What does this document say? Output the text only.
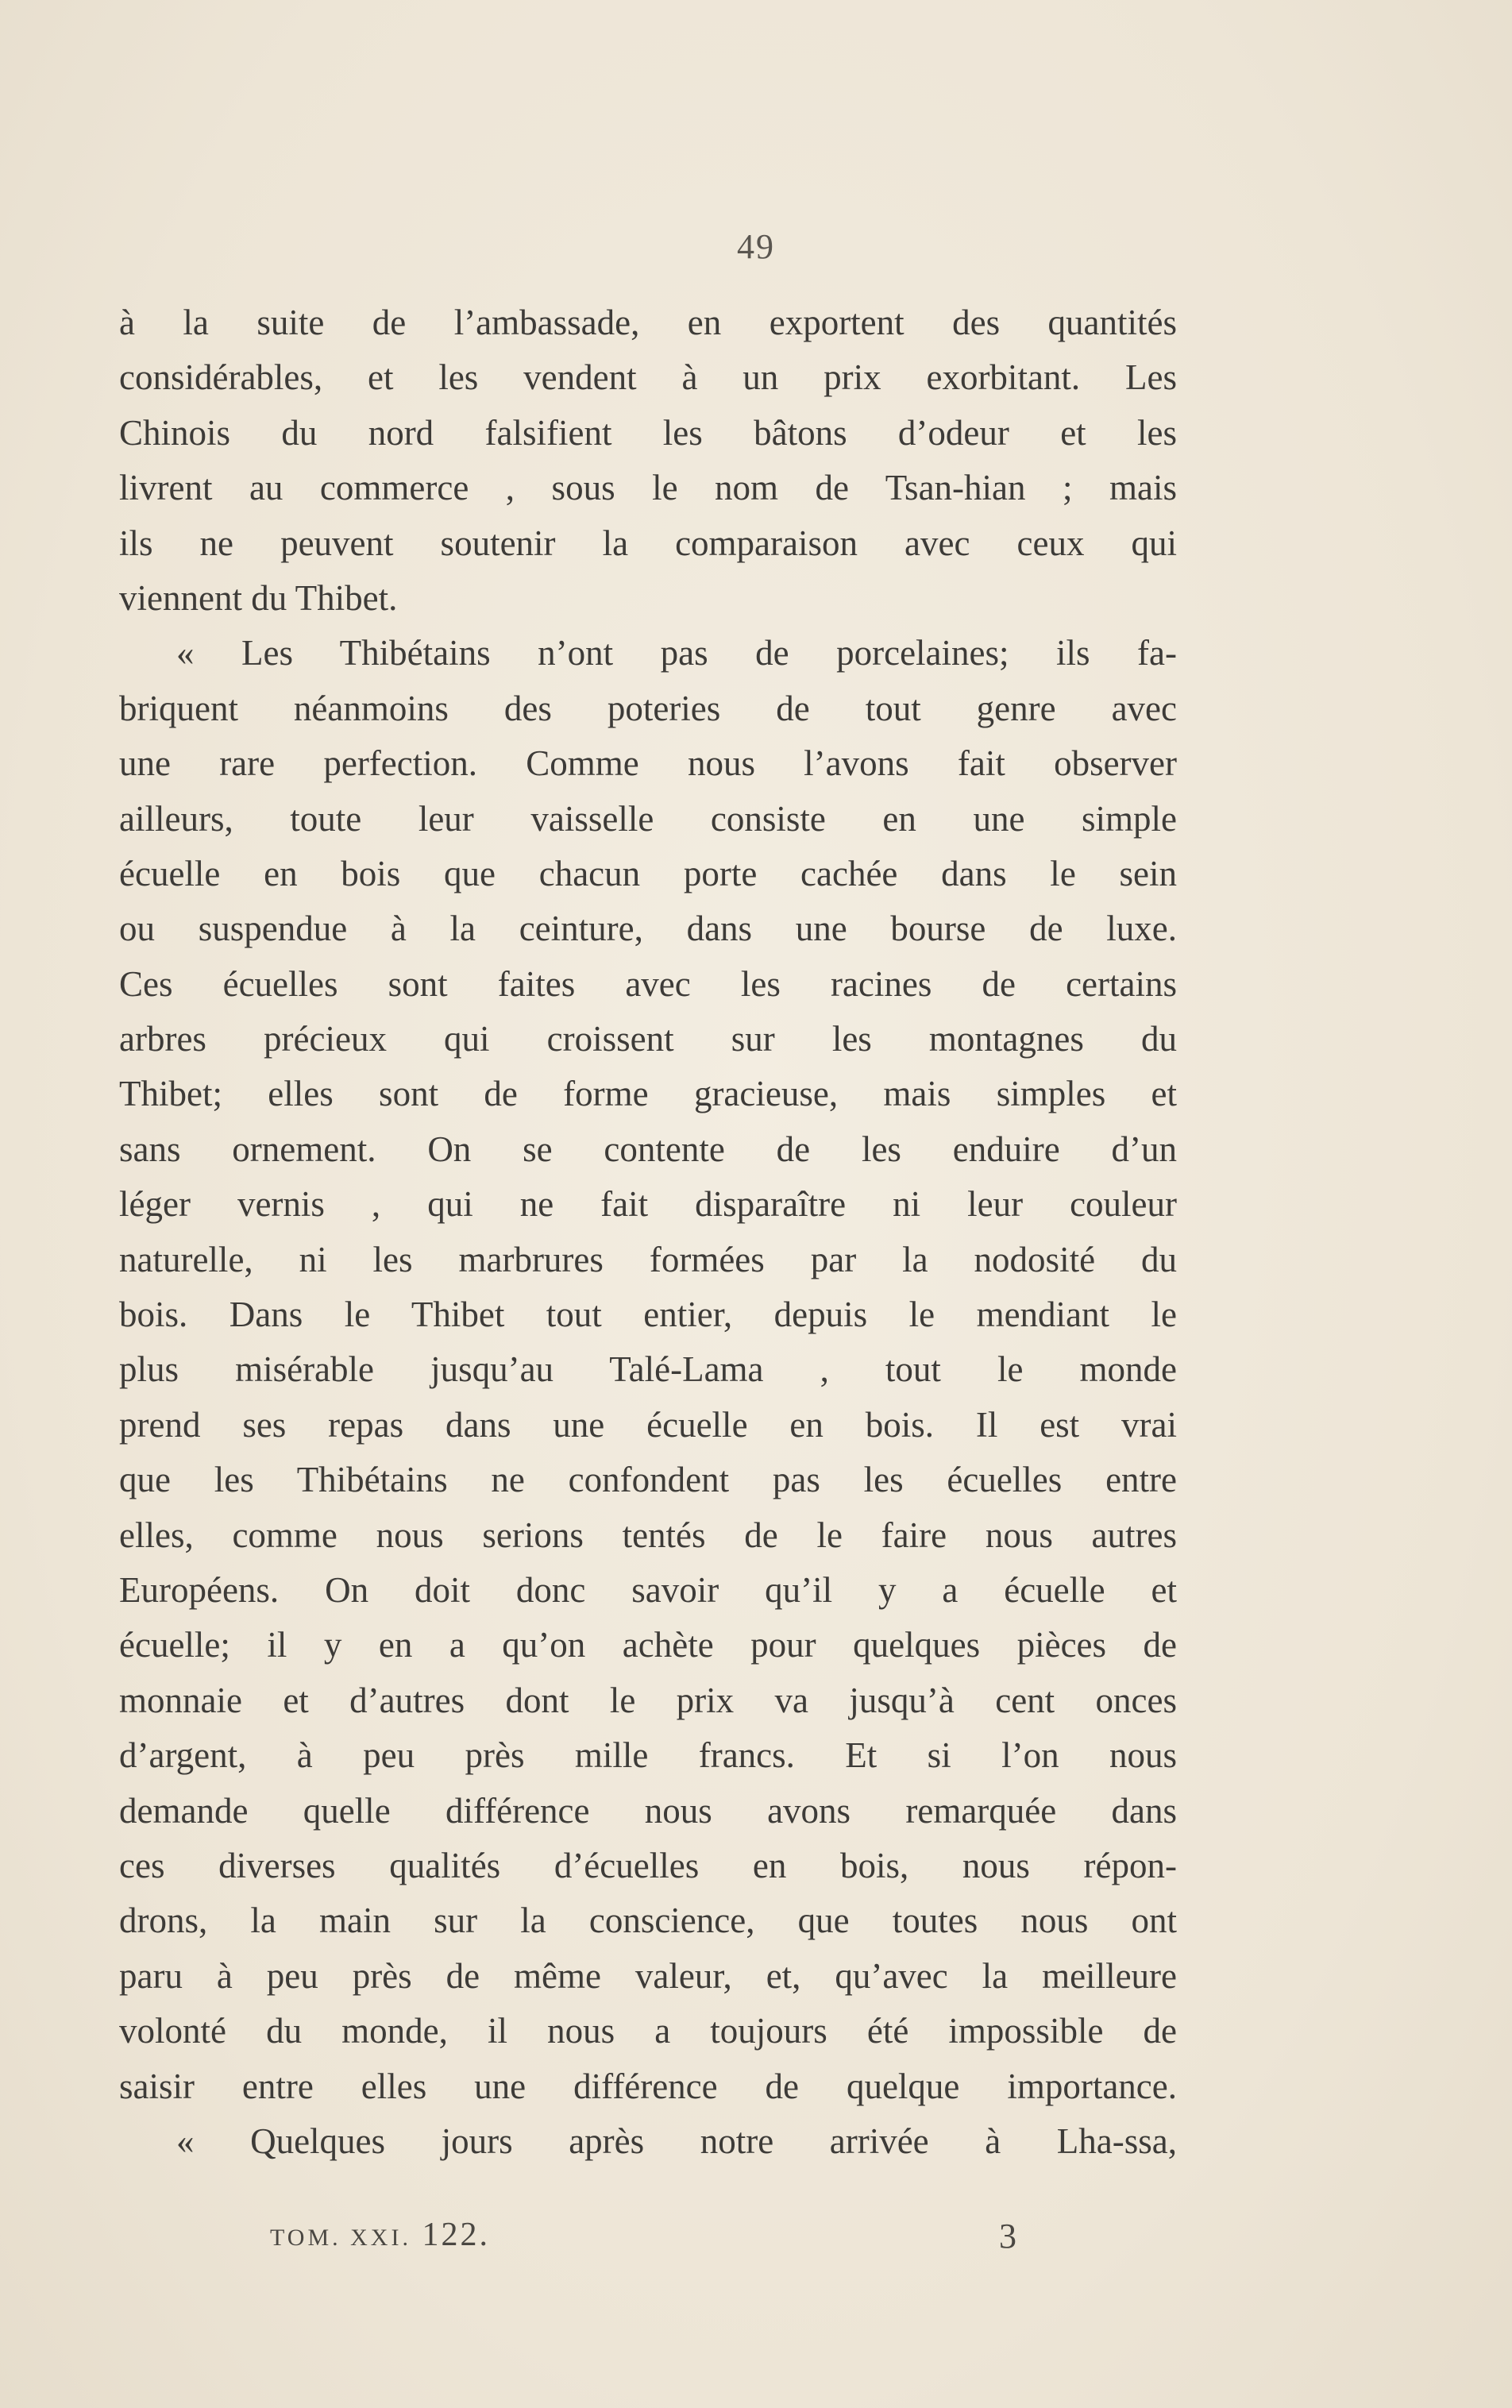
49
à la suite de l’ambassade, en exportent des quantités
considérables, et les vendent à un prix exorbitant. Les
Chinois du nord falsifient les bâtons d’odeur et les
livrent au commerce , sous le nom de Tsan-hian ; mais
ils ne peuvent soutenir la comparaison avec ceux qui
viennent du Thibet.
« Les Thibétains n’ont pas de porcelaines; ils fa-
briquent néanmoins des poteries de tout genre avec
une rare perfection. Comme nous l’avons fait observer
ailleurs, toute leur vaisselle consiste en une simple
écuelle en bois que chacun porte cachée dans le sein
ou suspendue à la ceinture, dans une bourse de luxe.
Ces écuelles sont faites avec les racines de certains
arbres précieux qui croissent sur les montagnes du
Thibet; elles sont de forme gracieuse, mais simples et
sans ornement. On se contente de les enduire d’un
léger vernis , qui ne fait disparaître ni leur couleur
naturelle, ni les marbrures formées par la nodosité du
bois. Dans le Thibet tout entier, depuis le mendiant le
plus misérable jusqu’au Talé-Lama , tout le monde
prend ses repas dans une écuelle en bois. Il est vrai
que les Thibétains ne confondent pas les écuelles entre
elles, comme nous serions tentés de le faire nous autres
Européens. On doit donc savoir qu’il y a écuelle et
écuelle; il y en a qu’on achète pour quelques pièces de
monnaie et d’autres dont le prix va jusqu’à cent onces
d’argent, à peu près mille francs. Et si l’on nous
demande quelle différence nous avons remarquée dans
ces diverses qualités d’écuelles en bois, nous répon-
drons, la main sur la conscience, que toutes nous ont
paru à peu près de même valeur, et, qu’avec la meilleure
volonté du monde, il nous a toujours été impossible de
saisir entre elles une différence de quelque importance.
« Quelques jours après notre arrivée à Lha-ssa,
TOM. XXI. 122.	3
